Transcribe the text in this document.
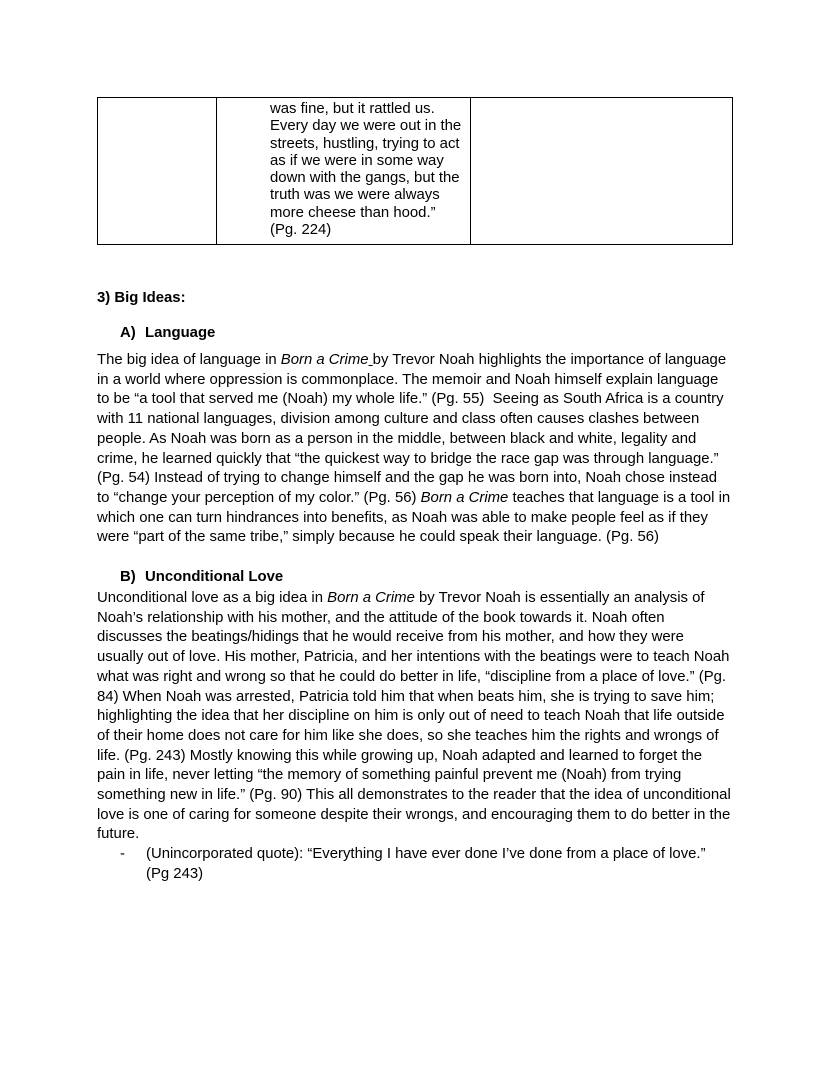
was fine, but it rattled us. Every day we were out in the streets, hustling, trying to act as if we were in some way down with the gangs, but the truth was we were always more cheese than hood.” (Pg. 224)

3) Big Ideas:
A) Language

The big idea of language in Born a Crime by Trevor Noah highlights the importance of language in a world where oppression is commonplace. The memoir and Noah himself explain language to be “a tool that served me (Noah) my whole life.” (Pg. 55)  Seeing as South Africa is a country with 11 national languages, division among culture and class often causes clashes between people. As Noah was born as a person in the middle, between black and white, legality and crime, he learned quickly that “the quickest way to bridge the race gap was through language.” (Pg. 54) Instead of trying to change himself and the gap he was born into, Noah chose instead to “change your perception of my color.” (Pg. 56) Born a Crime teaches that language is a tool in which one can turn hindrances into benefits, as Noah was able to make people feel as if they were “part of the same tribe,” simply because he could speak their language. (Pg. 56)

B) Unconditional Love

Unconditional love as a big idea in Born a Crime by Trevor Noah is essentially an analysis of Noah’s relationship with his mother, and the attitude of the book towards it. Noah often discusses the beatings/hidings that he would receive from his mother, and how they were usually out of love. His mother, Patricia, and her intentions with the beatings were to teach Noah what was right and wrong so that he could do better in life, “discipline from a place of love.” (Pg. 84) When Noah was arrested, Patricia told him that when beats him, she is trying to save him; highlighting the idea that her discipline on him is only out of need to teach Noah that life outside of their home does not care for him like she does, so she teaches him the rights and wrongs of life. (Pg. 243) Mostly knowing this while growing up, Noah adapted and learned to forget the pain in life, never letting “the memory of something painful prevent me (Noah) from trying something new in life.” (Pg. 90) This all demonstrates to the reader that the idea of unconditional love is one of caring for someone despite their wrongs, and encouraging them to do better in the future.

-	(Unincorporated quote): “Everything I have ever done I’ve done from a place of love.” (Pg 243)
